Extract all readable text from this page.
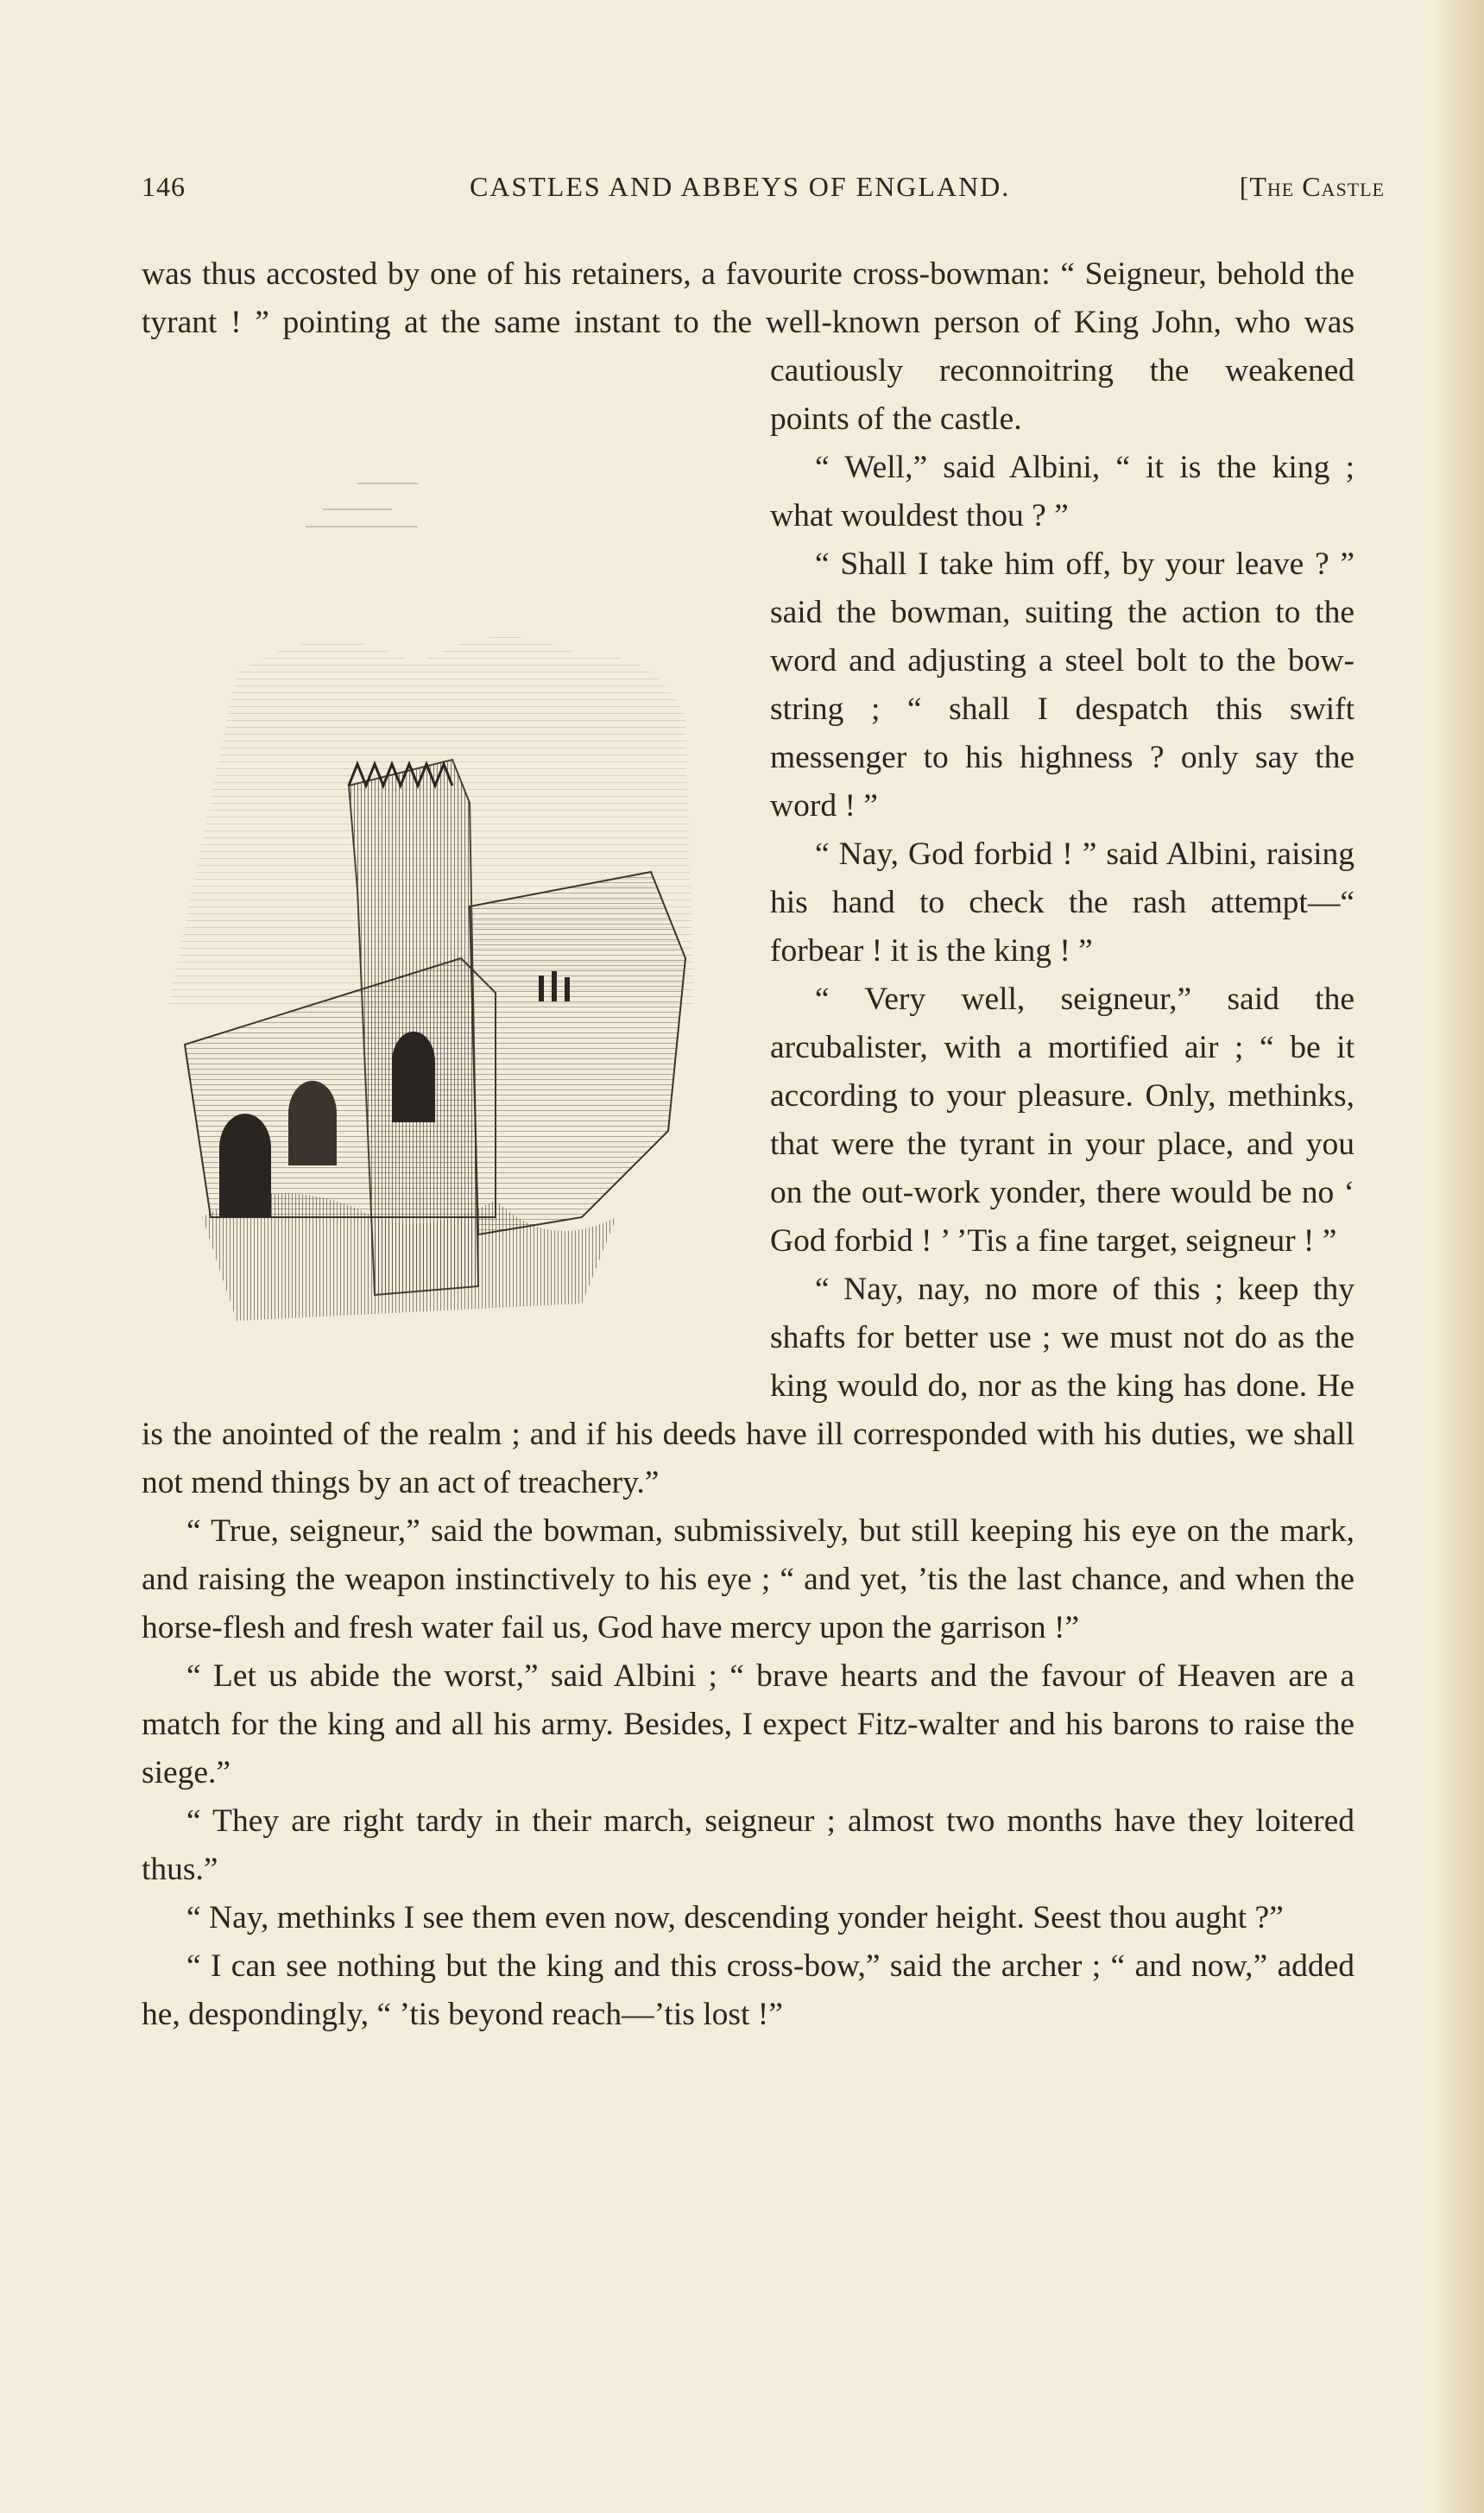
146	CASTLES AND ABBEYS OF ENGLAND.	[The Castle

was thus accosted by one of his retainers, a favourite cross-bowman: “ Seigneur, behold the tyrant ! ” pointing at the same instant to the well-known person of King John, who was cautiously reconnoitring the weakened points of the castle.

“ Well,” said Albini, “ it is the king ; what wouldest thou ? ”

“ Shall I take him off, by your leave ? ” said the bowman, suiting the action to the word and adjusting a steel bolt to the bow-string ; “ shall I despatch this swift messenger to his highness ? only say the word ! ”

“ Nay, God forbid ! ” said Albini, raising his hand to check the rash attempt—“ forbear ! it is the king ! ”

“ Very well, seigneur,” said the arcubalister, with a mortified air ; “ be it according to your pleasure. Only, methinks, that were the tyrant in your place, and you on the out-work yonder, there would be no ‘ God forbid ! ’ ’Tis a fine target, seigneur ! ”

“ Nay, nay, no more of this ; keep thy shafts for better use ; we must not do as the king would do, nor as the king has done. He is the anointed of the realm ; and if his deeds have ill corresponded with his duties, we shall not mend things by an act of treachery.”

“ True, seigneur,” said the bowman, submissively, but still keeping his eye on the mark, and raising the weapon instinctively to his eye ; “ and yet, ’tis the last chance, and when the horse-flesh and fresh water fail us, God have mercy upon the garrison !”

“ Let us abide the worst,” said Albini ; “ brave hearts and the favour of Heaven are a match for the king and all his army. Besides, I expect Fitz-walter and his barons to raise the siege.”

“ They are right tardy in their march, seigneur ; almost two months have they loitered thus.”

“ Nay, methinks I see them even now, descending yonder height. Seest thou aught ?”

“ I can see nothing but the king and this cross-bow,” said the archer ; “ and now,” added he, despondingly, “ ’tis beyond reach—’tis lost !”
